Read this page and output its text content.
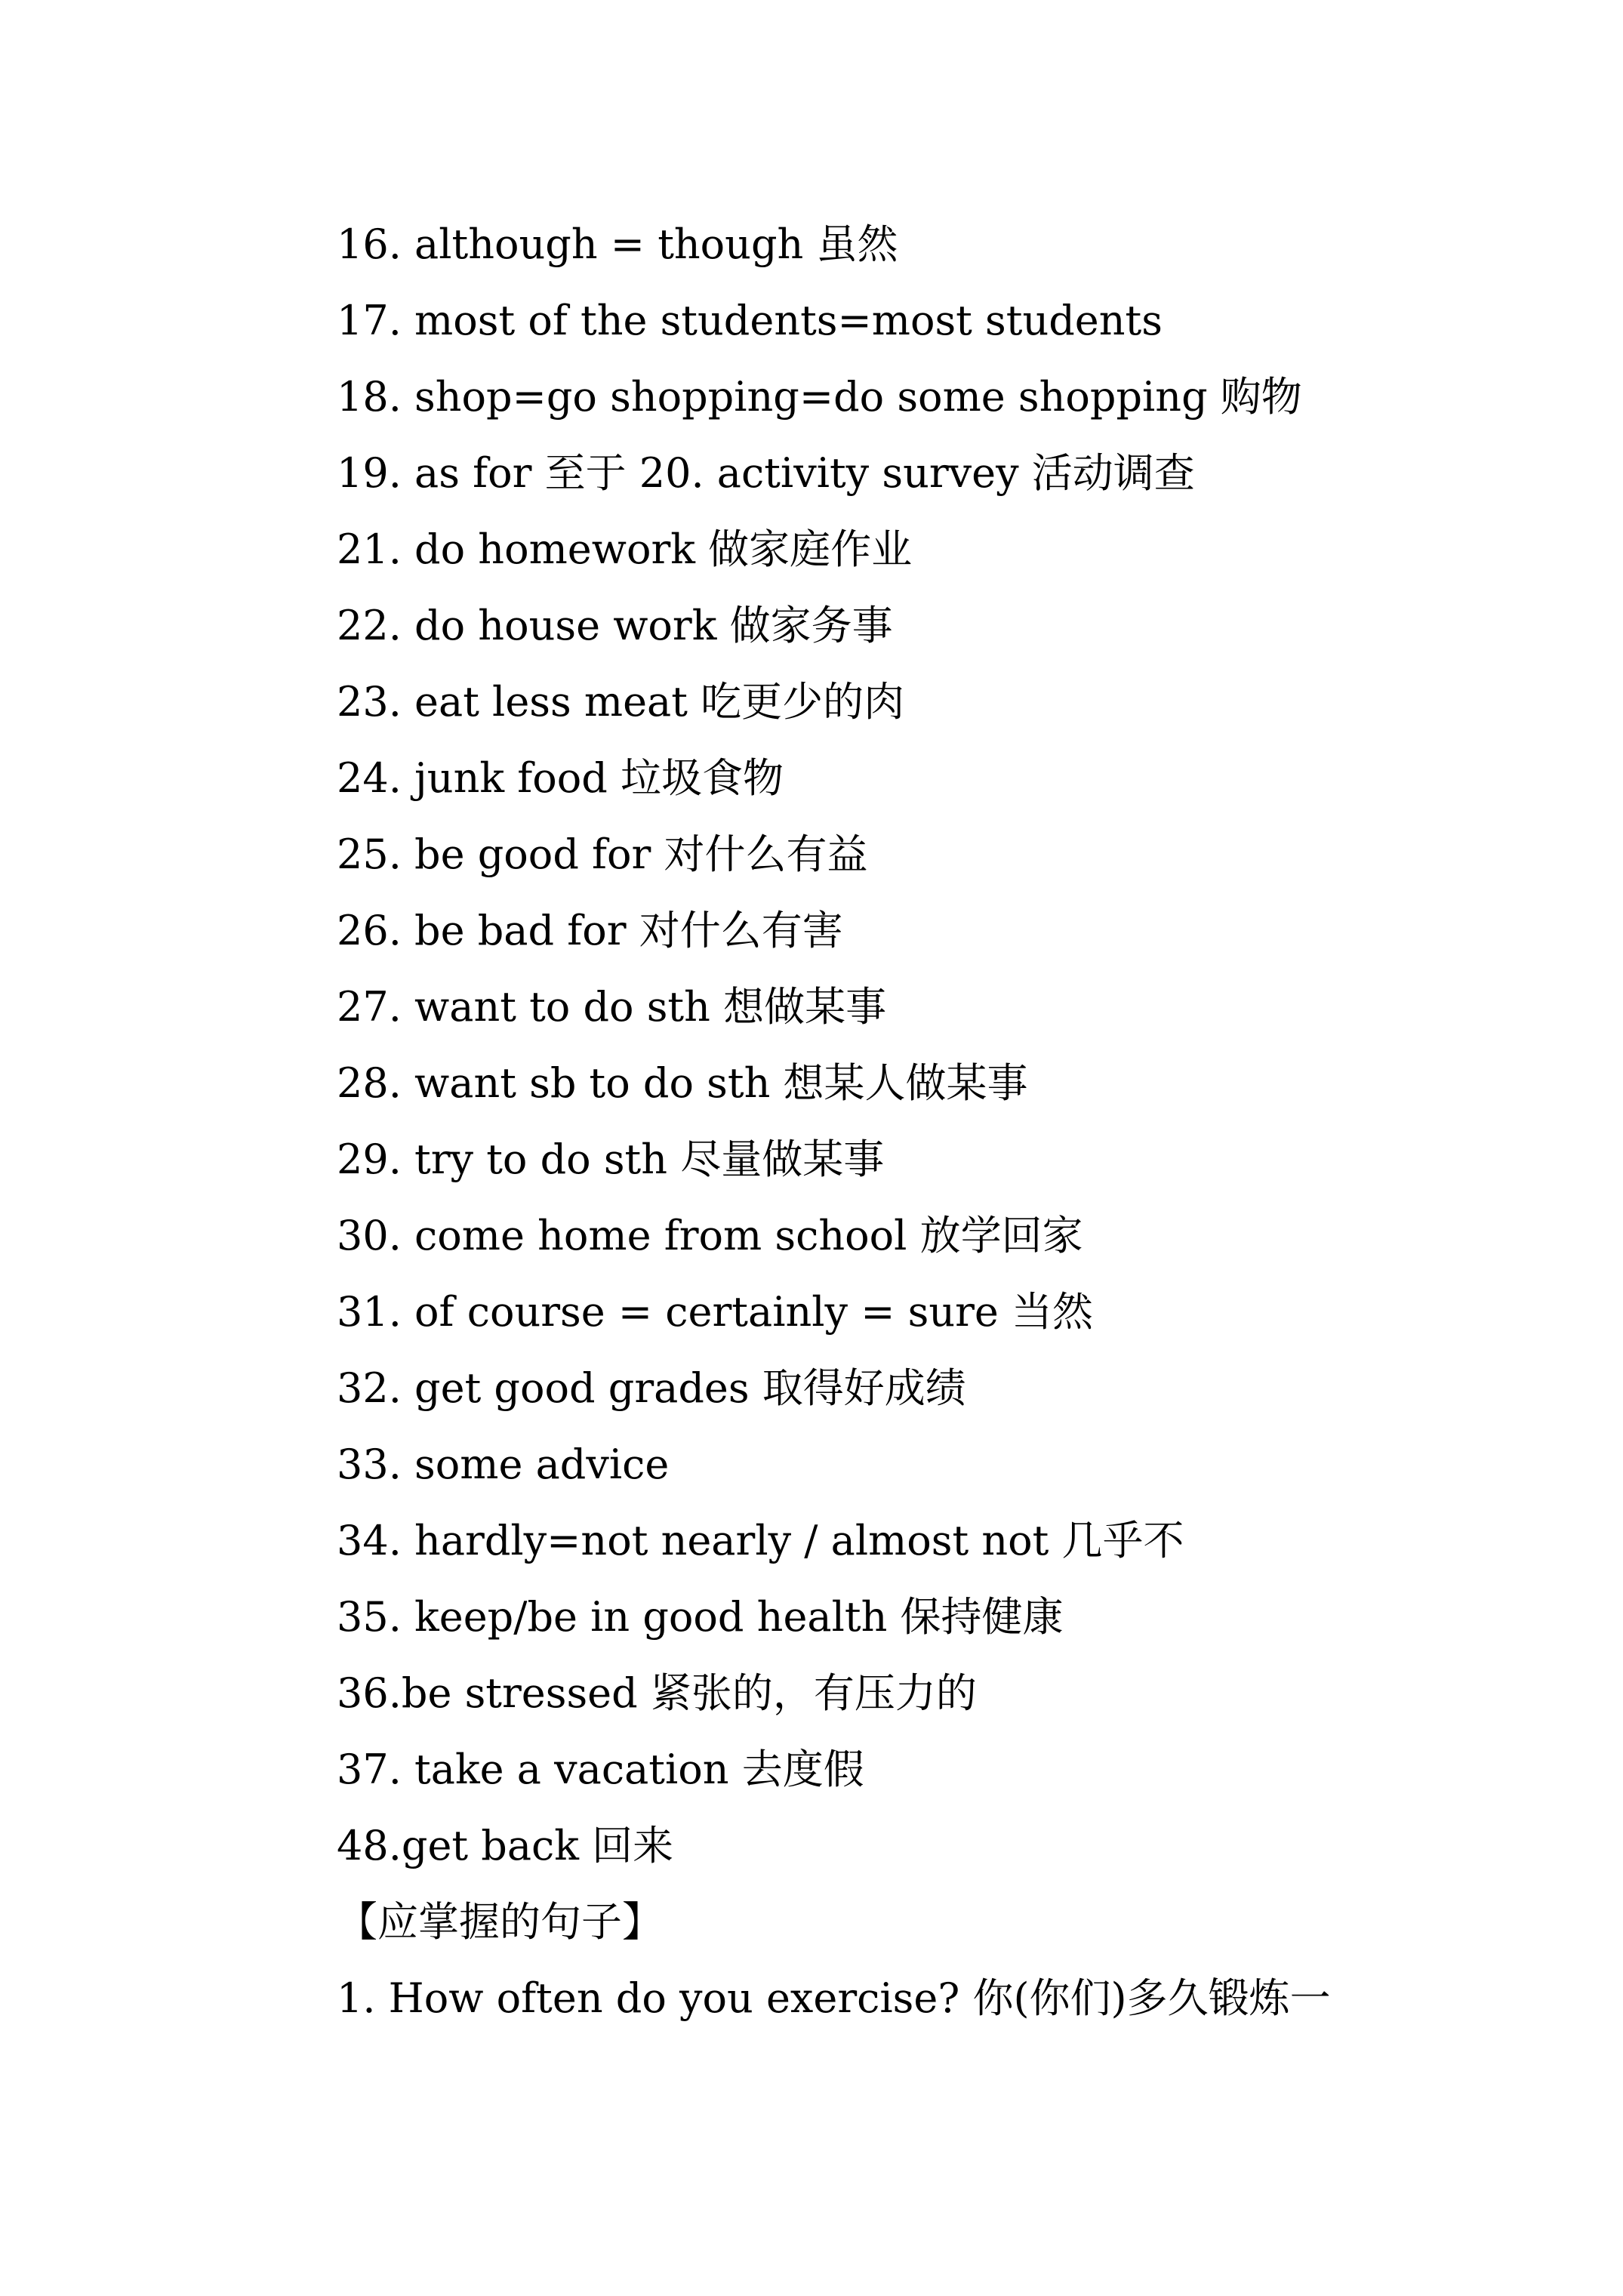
16. although = though 虽然
17. most of the students=most students
18. shop=go shopping=do some shopping 购物
19. as for 至于 20. activity survey 活动调查
21. do homework 做家庭作业
22. do house work 做家务事
23. eat less meat 吃更少的肉
24. junk food 垃圾食物
25. be good for 对什么有益
26. be bad for 对什么有害
27. want to do sth 想做某事
28. want sb to do sth 想某人做某事
29. try to do sth 尽量做某事
30. come home from school 放学回家
31. of course = certainly = sure 当然
32. get good grades 取得好成绩
33. some advice
34. hardly=not nearly / almost not 几乎不
35. keep/be in good health 保持健康
36.be stressed 紧张的，有压力的
37. take a vacation 去度假
48.get back 回来
【应掌握的句子】
1. How often do you exercise? 你(你们)多久锻炼一
